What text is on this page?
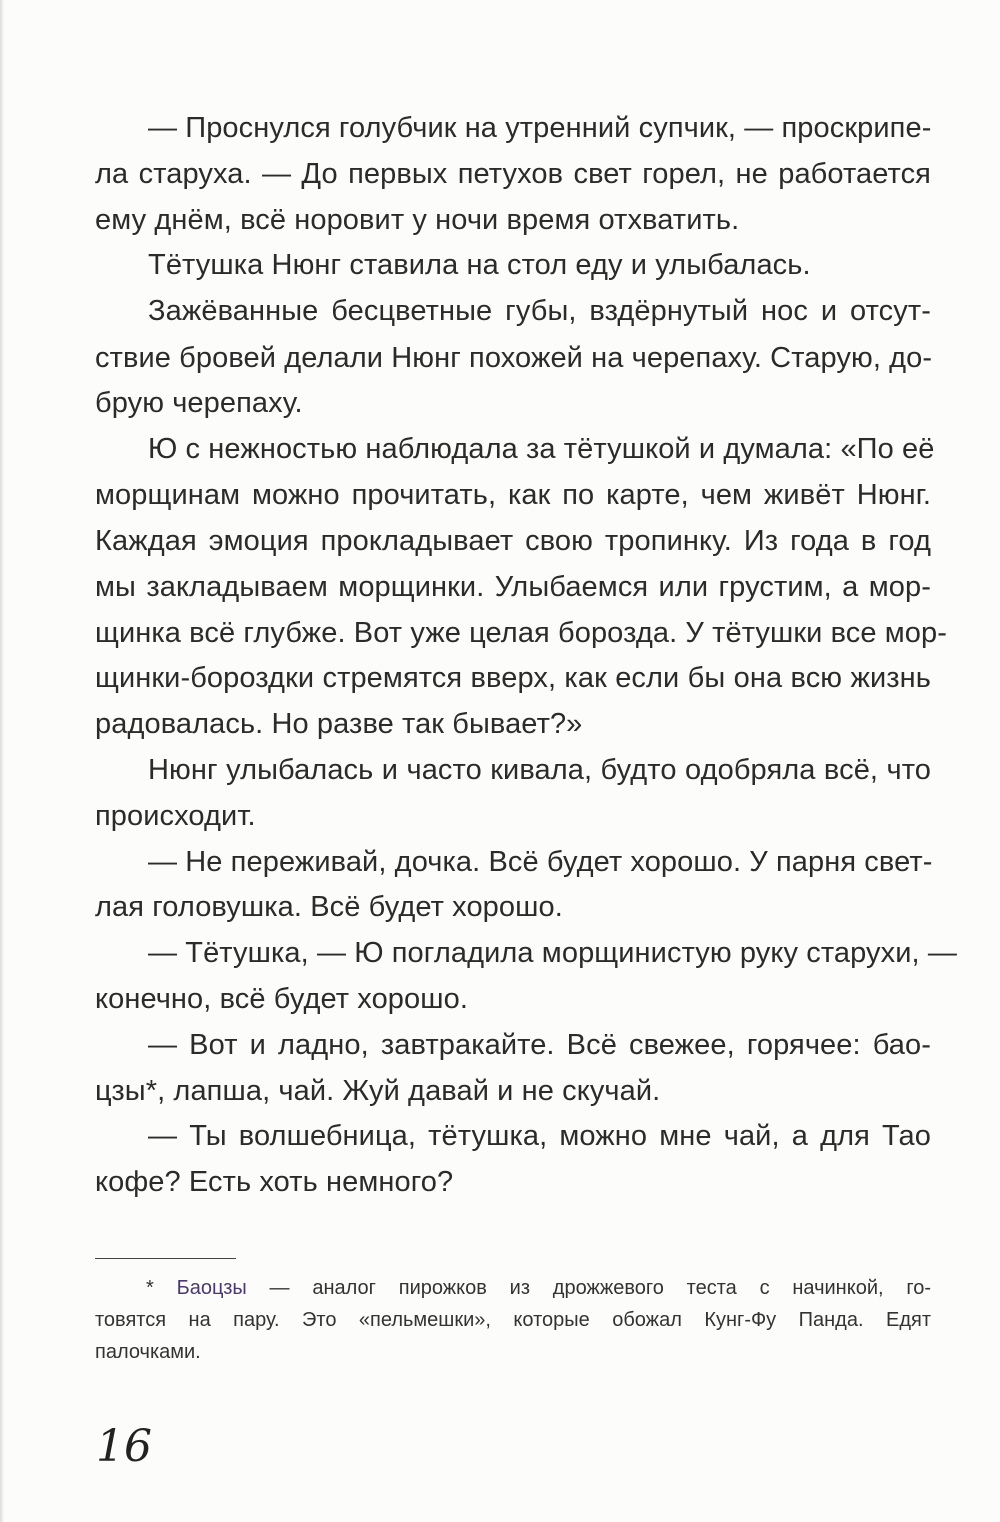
— Проснулся голубчик на утренний супчик, — проскрипе-
ла старуха. — До первых петухов свет горел, не работается
ему днём, всё норовит у ночи время отхватить.
Тётушка Нюнг ставила на стол еду и улыбалась.
Зажёванные бесцветные губы, вздёрнутый нос и отсут-
ствие бровей делали Нюнг похожей на черепаху. Старую, до-
брую черепаху.
Ю с нежностью наблюдала за тётушкой и думала: «По её
морщинам можно прочитать, как по карте, чем живёт Нюнг.
Каждая эмоция прокладывает свою тропинку. Из года в год
мы закладываем морщинки. Улыбаемся или грустим, а мор-
щинка всё глубже. Вот уже целая борозда. У тётушки все мор-
щинки-бороздки стремятся вверх, как если бы она всю жизнь
радовалась. Но разве так бывает?»
Нюнг улыбалась и часто кивала, будто одобряла всё, что
происходит.
— Не переживай, дочка. Всё будет хорошо. У парня свет-
лая головушка. Всё будет хорошо.
— Тётушка, — Ю погладила морщинистую руку старухи, —
конечно, всё будет хорошо.
— Вот и ладно, завтракайте. Всё свежее, горячее: бао-
цзы*, лапша, чай. Жуй давай и не скучай.
— Ты волшебница, тётушка, можно мне чай, а для Тао
кофе? Есть хоть немного?
* Баоцзы — аналог пирожков из дрожжевого теста с начинкой, го-
товятся на пару. Это «пельмешки», которые обожал Кунг-Фу Панда. Едят
палочками.
16
